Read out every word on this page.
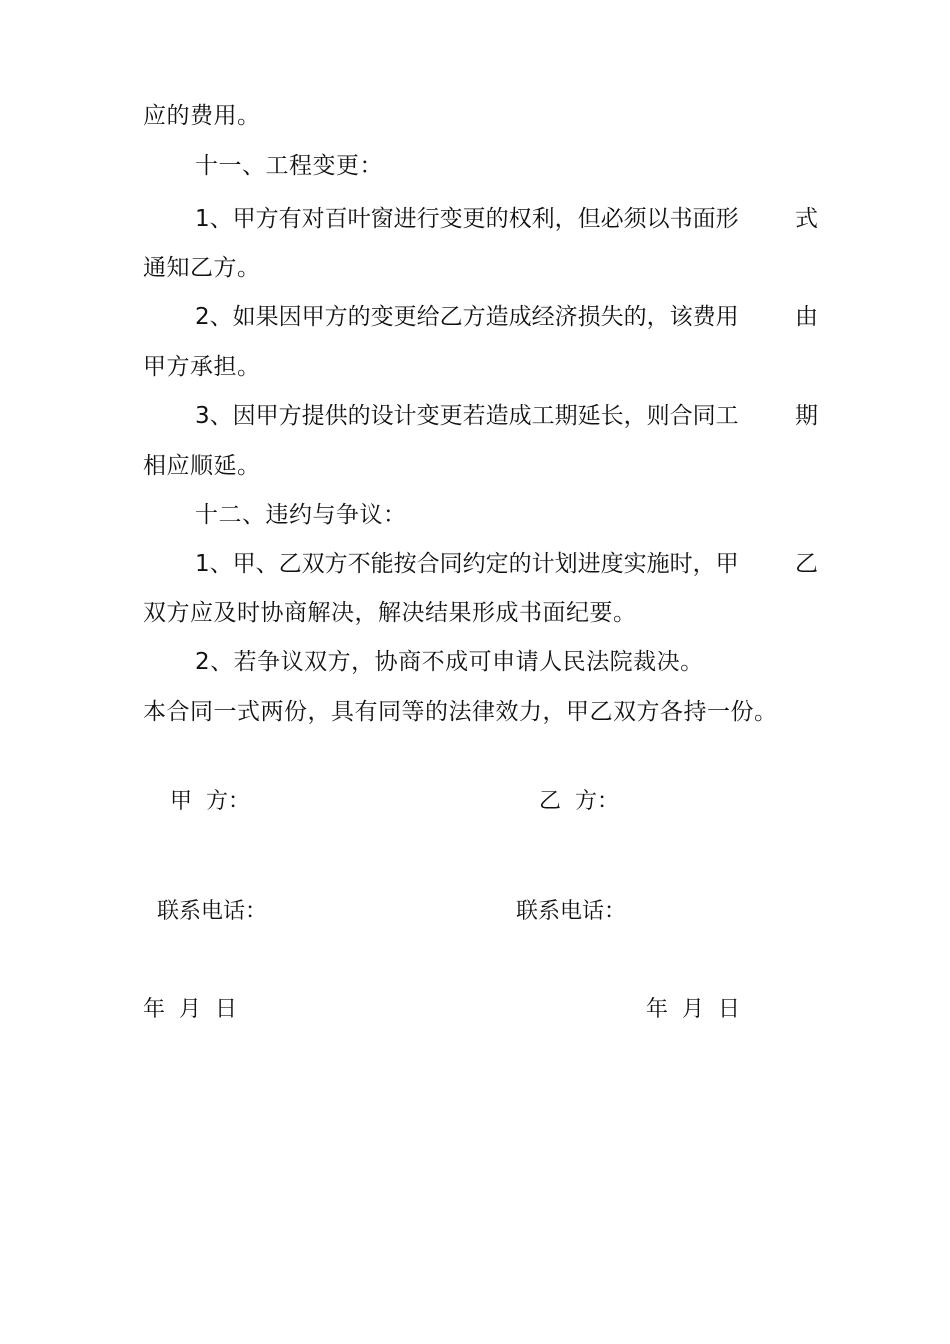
应的费用。
十一、工程变更：
1、甲方有对百叶窗进行变更的权利，但必须以书面形 式
通知乙方。
2、如果因甲方的变更给乙方造成经济损失的，该费用 由
甲方承担。
3、因甲方提供的设计变更若造成工期延长，则合同工 期
相应顺延。
十二、违约与争议：
1、甲、乙双方不能按合同约定的计划进度实施时，甲 乙
双方应及时协商解决，解决结果形成书面纪要。
2、若争议双方，协商不成可申请人民法院裁决。
本合同一式两份，具有同等的法律效力，甲乙双方各持一份。
甲  方：	乙  方：
联系电话：	联系电话：
年  月  日	年  月  日
